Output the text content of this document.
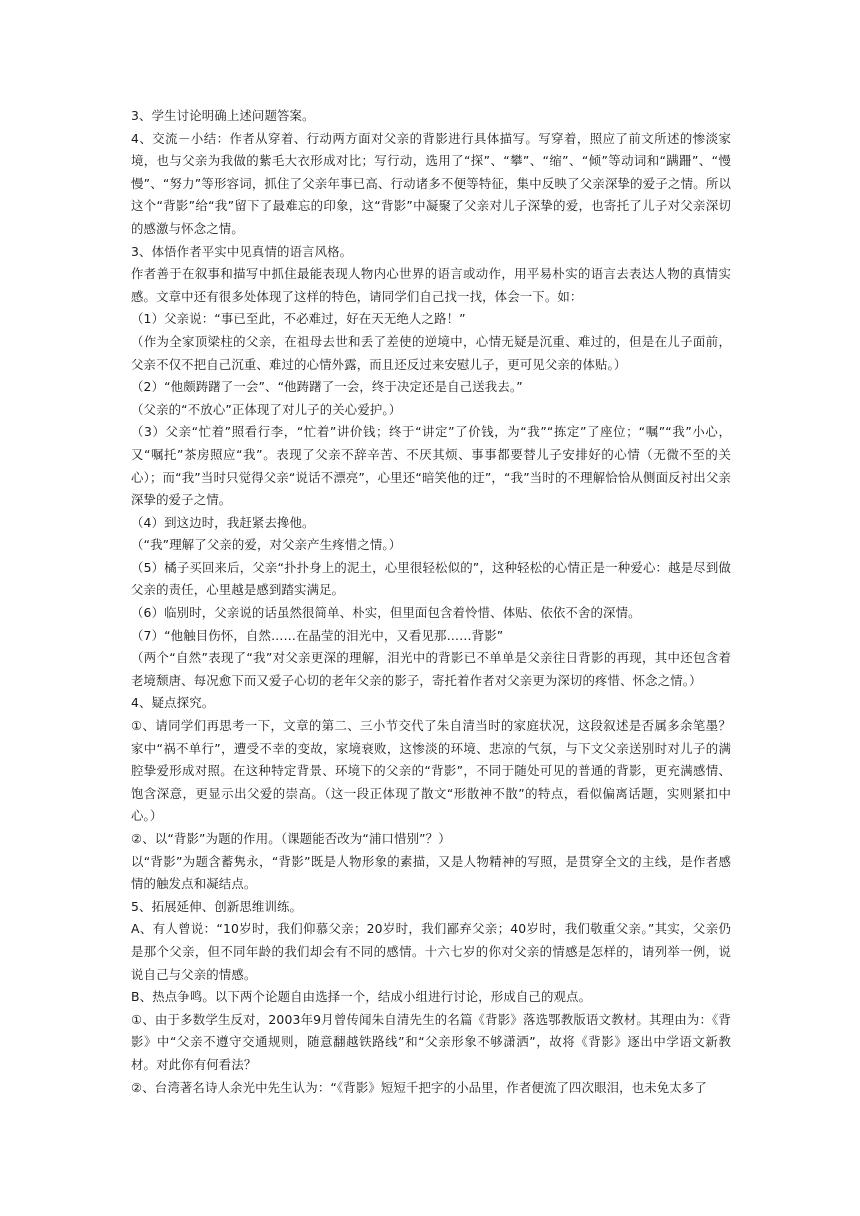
3、学生讨论明确上述问题答案。

4、交流－小结：作者从穿着、行动两方面对父亲的背影进行具体描写。写穿着，照应了前文所述的惨淡家境，也与父亲为我做的紫毛大衣形成对比；写行动，选用了“探”、“攀”、“缩”、“倾”等动词和“蹒跚”、“慢慢”、“努力”等形容词，抓住了父亲年事已高、行动诸多不便等特征，集中反映了父亲深挚的爱子之情。所以这个“背影”给“我”留下了最难忘的印象，这“背影”中凝聚了父亲对儿子深挚的爱，也寄托了儿子对父亲深切的感激与怀念之情。

3、体悟作者平实中见真情的语言风格。

作者善于在叙事和描写中抓住最能表现人物内心世界的语言或动作，用平易朴实的语言去表达人物的真情实感。文章中还有很多处体现了这样的特色，请同学们自己找一找，体会一下。如：

（1）父亲说：“事已至此，不必难过，好在天无绝人之路！”

（作为全家顶梁柱的父亲，在祖母去世和丢了差使的逆境中，心情无疑是沉重、难过的，但是在儿子面前，父亲不仅不把自己沉重、难过的心情外露，而且还反过来安慰儿子，更可见父亲的体贴。）

（2）“他颇踌躇了一会”、“他踌躇了一会，终于决定还是自己送我去。”

（父亲的“不放心”正体现了对儿子的关心爱护。）

（3）父亲“忙着”照看行李，“忙着”讲价钱；终于“讲定”了价钱，为“我”“拣定”了座位；“嘱”“我”小心，又“嘱托”茶房照应“我”。表现了父亲不辞辛苦、不厌其烦、事事都要替儿子安排好的心情（无微不至的关心）；而“我”当时只觉得父亲“说话不漂亮”，心里还“暗笑他的迂”，“我”当时的不理解恰恰从侧面反衬出父亲深挚的爱子之情。

（4）到这边时，我赶紧去搀他。

（“我”理解了父亲的爱，对父亲产生疼惜之情。）

（5）橘子买回来后，父亲“扑扑身上的泥土，心里很轻松似的”，这种轻松的心情正是一种爱心：越是尽到做父亲的责任，心里越是感到踏实满足。

（6）临别时，父亲说的话虽然很简单、朴实，但里面包含着怜惜、体贴、依依不舍的深情。

（7）“他触目伤怀，自然……在晶莹的泪光中，又看见那……背影”

（两个“自然”表现了“我”对父亲更深的理解，泪光中的背影已不单单是父亲往日背影的再现，其中还包含着老境颓唐、每况愈下而又爱子心切的老年父亲的影子，寄托着作者对父亲更为深切的疼惜、怀念之情。）

4、疑点探究。

①、请同学们再思考一下，文章的第二、三小节交代了朱自清当时的家庭状况，这段叙述是否属多余笔墨？家中“祸不单行”，遭受不幸的变故，家境衰败，这惨淡的环境、悲凉的气氛，与下文父亲送别时对儿子的满腔挚爱形成对照。在这种特定背景、环境下的父亲的“背影”，不同于随处可见的普通的背影，更充满感情、饱含深意，更显示出父爱的崇高。（这一段正体现了散文“形散神不散”的特点，看似偏离话题，实则紧扣中心。）

②、以“背影”为题的作用。（课题能否改为“浦口惜别”？）

以“背影”为题含蓄隽永，“背影”既是人物形象的素描，又是人物精神的写照，是贯穿全文的主线，是作者感情的触发点和凝结点。

5、拓展延伸、创新思维训练。

A、有人曾说：“10岁时，我们仰慕父亲；20岁时，我们鄙弃父亲；40岁时，我们敬重父亲。”其实，父亲仍是那个父亲，但不同年龄的我们却会有不同的感情。十六七岁的你对父亲的情感是怎样的，请列举一例，说说自己与父亲的情感。

B、热点争鸣。以下两个论题自由选择一个，结成小组进行讨论，形成自己的观点。

①、由于多数学生反对，2003年9月曾传闻朱自清先生的名篇《背影》落选鄂教版语文教材。其理由为：《背影》中“父亲不遵守交通规则，随意翻越铁路线”和“父亲形象不够潇洒”，故将《背影》逐出中学语文新教材。对此你有何看法？

②、台湾著名诗人余光中先生认为：“《背影》短短千把字的小品里，作者便流了四次眼泪，也未免太多了
